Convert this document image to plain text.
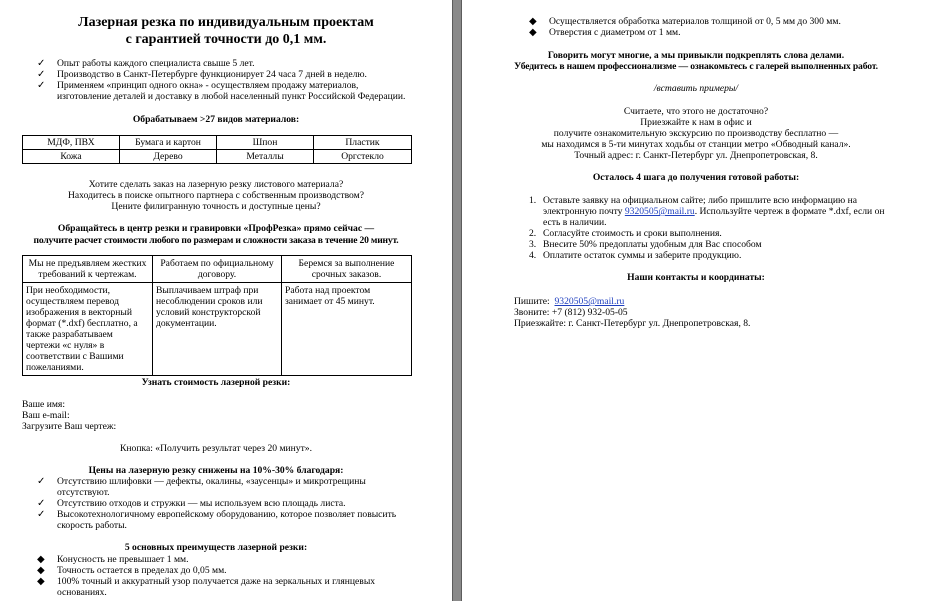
Лазерная резка по индивидуальным проектам
с гарантией точности до 0,1 мм.
✓	Опыт работы каждого специалиста свыше 5 лет.
✓	Производство в Санкт-Петербурге функционирует 24 часа 7 дней в неделю.
✓	Применяем «принцип одного окна» - осуществляем продажу материалов,
изготовление деталей и доставку в любой населенный пункт Российской Федерации.
Обрабатываем >27 видов материалов:
МДФ, ПВХ	Бумага и картон	Шпон	Пластик
Кожа	Дерево	Металлы	Оргстекло
Хотите сделать заказ на лазерную резку листового материала?
Находитесь в поиске опытного партнера с собственным производством?
Цените филигранную точность и доступные цены?
Обращайтесь в центр резки и гравировки «ПрофРезка» прямо сейчас —
получите расчет стоимости любого по размерам и сложности заказа в течение 20 минут.
Мы не предъявляем жестких требований к чертежам.	Работаем по официальному договору.	Беремся за выполнение срочных заказов.
При необходимости, осуществляем перевод изображения в векторный формат (*.dxf) бесплатно, а также разрабатываем чертежи «с нуля» в соответствии с Вашими пожеланиями.	Выплачиваем штраф при несоблюдении сроков или условий конструкторской документации.	Работа над проектом занимает от 45 минут.
Узнать стоимость лазерной резки:
Ваше имя:
Ваш e-mail:
Загрузите Ваш чертеж:
Кнопка: «Получить результат через 20 минут».
Цены на лазерную резку снижены на 10%-30% благодаря:
✓	Отсутствию шлифовки — дефекты, окалины, «заусенцы» и микротрещины
отсутствуют.
✓	Отсутствию отходов и стружки — мы используем всю площадь листа.
✓	Высокотехнологичному европейскому оборудованию, которое позволяет повысить
скорость работы.
5 основных преимуществ лазерной резки:
◆	Конусность не превышает 1 мм.
◆	Точность остается в пределах до 0,05 мм.
◆	100% точный и аккуратный узор получается даже на зеркальных и глянцевых
основаниях.
◆	Осуществляется обработка материалов толщиной от 0, 5 мм до 300 мм.
◆	Отверстия с диаметром от 1 мм.
Говорить могут многие, а мы привыкли подкреплять слова делами.
Убедитесь в нашем профессионализме — ознакомьтесь с галерей выполненных работ.
/вставить примеры/
Считаете, что этого не достаточно?
Приезжайте к нам в офис и
получите ознакомительную экскурсию по производству бесплатно —
мы находимся в 5-ти минутах ходьбы от станции метро «Обводный канал».
Точный адрес: г. Санкт-Петербург ул. Днепропетровская, 8.
Осталось 4 шага до получения готовой работы:
1. Оставьте заявку на официальном сайте; либо пришлите всю информацию на
электронную почту 9320505@mail.ru. Используйте чертеж в формате *.dxf, если он
есть в наличии.
2. Согласуйте стоимость и сроки выполнения.
3. Внесите 50% предоплаты удобным для Вас способом
4. Оплатите остаток суммы и заберите продукцию.
Наши контакты и координаты:
Пишите: 9320505@mail.ru
Звоните: +7 (812) 932-05-05
Приезжайте: г. Санкт-Петербург ул. Днепропетровская, 8.
